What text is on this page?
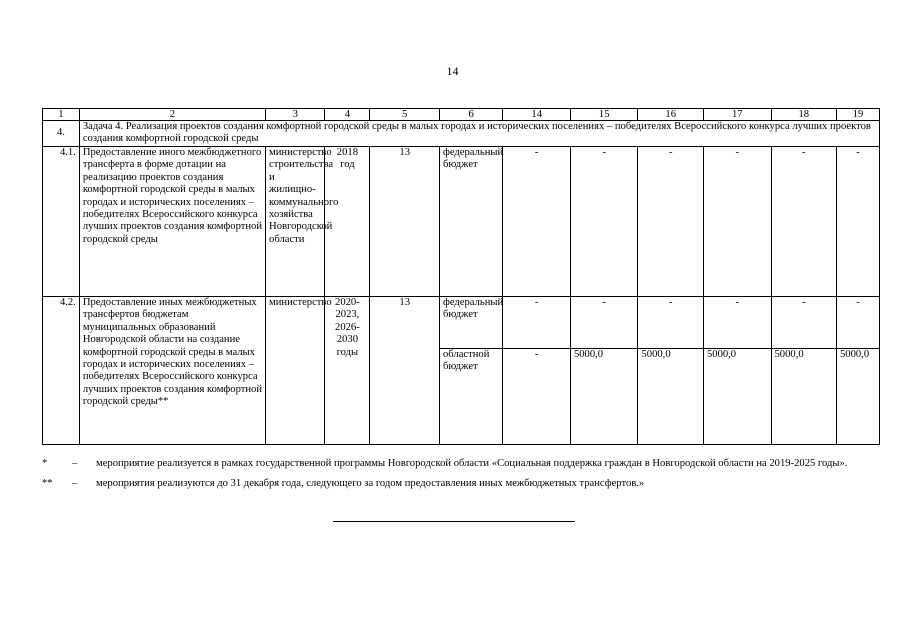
14
1	2	3	4	5	6	14	15	16	17	18	19
4.	Задача 4. Реализация проектов создания комфортной городской среды в малых городах и исторических поселениях – победителях Всероссийского конкурса лучших проектов создания комфортной городской среды										
4.1.	Предоставление иного межбюджетного трансферта в форме дотации на реализацию проектов создания комфортной городской среды в малых городах и исторических поселениях – победителях Всероссийского конкурса лучших проектов создания комфортной городской среды	министерство строительства и жилищно-коммунального хозяйства Новгородской области	2018 год	13	федеральный бюджет	-	-	-	-	-	-
4.2.	Предоставление иных межбюджетных трансфертов бюджетам муниципальных образований Новгородской области на создание комфортной городской среды в малых городах и исторических поселениях – победителях Всероссийского конкурса лучших проектов создания комфортной городской среды**	министерство	2020-2023, 2026-2030 годы	13	федеральный бюджет	-	-	-	-	-	-
					областной бюджет	-	5000,0	5000,0	5000,0	5000,0	5000,0
*	–	мероприятие реализуется в рамках государственной программы Новгородской области «Социальная поддержка граждан в Новгородской области на 2019-2025 годы».
**	–	мероприятия реализуются до 31 декабря года, следующего за годом предоставления иных межбюджетных трансфертов.»
